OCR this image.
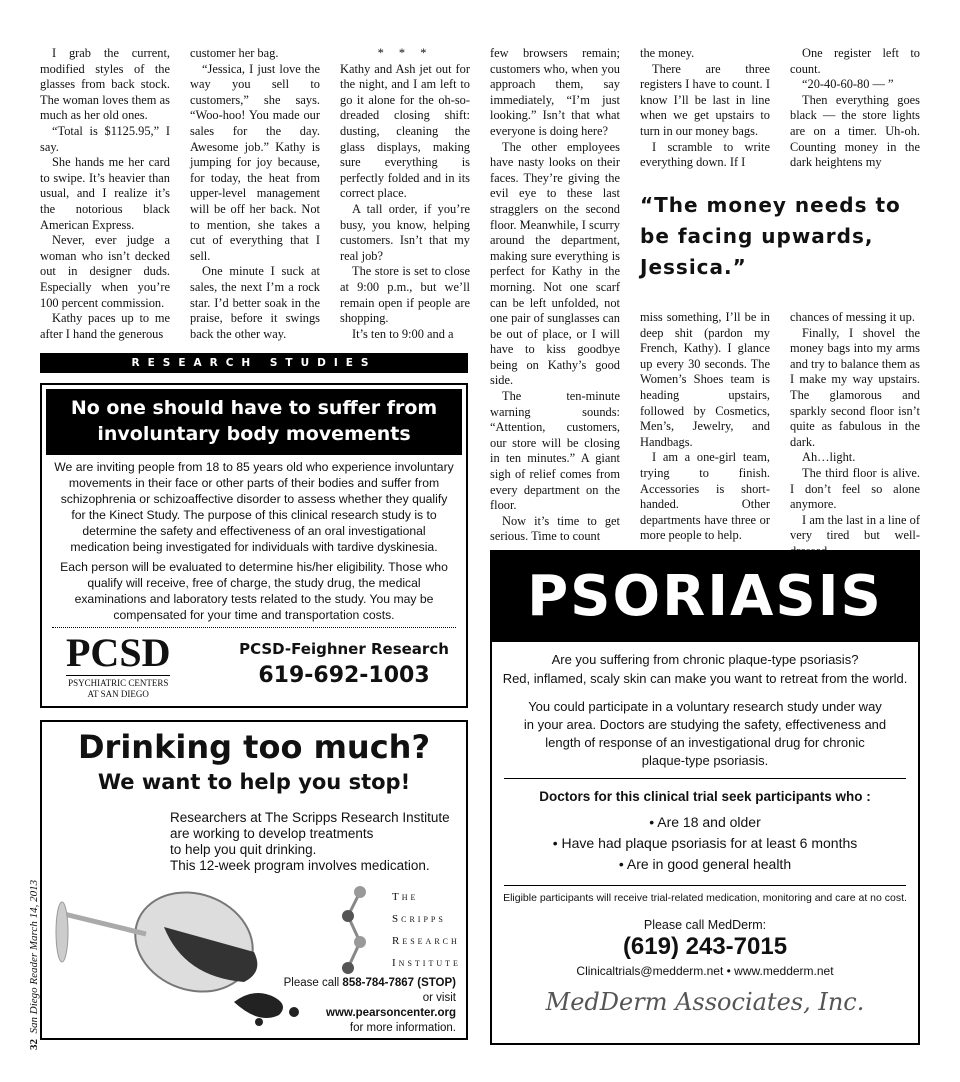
I grab the current, modified styles of the glasses from back stock. The woman loves them as much as her old ones.

“Total is $1125.95,” I say.

She hands me her card to swipe. It’s heavier than usual, and I realize it’s the notorious black American Express.

Never, ever judge a woman who isn’t decked out in designer duds. Especially when you’re 100 percent commission.

Kathy paces up to me after I hand the generous

customer her bag.

“Jessica, I just love the way you sell to customers,” she says. “Woo-hoo! You made our sales for the day. Awesome job.” Kathy is jumping for joy because, for today, the heat from upper-level management will be off her back. Not to mention, she takes a cut of everything that I sell.

One minute I suck at sales, the next I’m a rock star. I’d better soak in the praise, before it swings back the other way.

* * *

Kathy and Ash jet out for the night, and I am left to go it alone for the oh-so-dreaded closing shift: dusting, cleaning the glass displays, making sure everything is perfectly folded and in its correct place.

A tall order, if you’re busy, you know, helping customers. Isn’t that my real job?

The store is set to close at 9:00 p.m., but we’ll remain open if people are shopping.

It’s ten to 9:00 and a

few browsers remain; customers who, when you approach them, say immediately, “I’m just looking.” Isn’t that what everyone is doing here?

The other employees have nasty looks on their faces. They’re giving the evil eye to these last stragglers on the second floor. Meanwhile, I scurry around the department, making sure everything is perfect for Kathy in the morning. Not one scarf can be left unfolded, not one pair of sunglasses can be out of place, or I will have to kiss goodbye being on Kathy’s good side.

The ten-minute warning sounds: “Attention, customers, our store will be closing in ten minutes.” A giant sigh of relief comes from every department on the floor.

Now it’s time to get serious. Time to count

the money.

There are three registers I have to count. I know I’ll be last in line when we get upstairs to turn in our money bags.

I scramble to write everything down. If I

One register left to count.

“20-40-60-80 — ”

Then everything goes black — the store lights are on a timer. Uh-oh. Counting money in the dark heightens my

“The money needs to be facing upwards, Jessica.”

miss something, I’ll be in deep shit (pardon my French, Kathy). I glance up every 30 seconds. The Women’s Shoes team is heading upstairs, followed by Cosmetics, Men’s, Jewelry, and Handbags.

I am a one-girl team, trying to finish. Accessories is short-handed. Other departments have three or more people to help.

chances of messing it up.

Finally, I shovel the money bags into my arms and try to balance them as I make my way upstairs. The glamorous and sparkly second floor isn’t quite as fabulous in the dark.

Ah…light.

The third floor is alive. I don’t feel so alone anymore.

I am the last in a line of very tired but well-

RESEARCH STUDIES
No one should have to suffer from involuntary body movements

We are inviting people from 18 to 85 years old who experience involuntary movements in their face or other parts of their bodies and suffer from schizophrenia or schizoaffective disorder to assess whether they qualify for the Kinect Study. The purpose of this clinical research study is to determine the safety and effectiveness of an oral investigational medication being investigated for individuals with tardive dyskinesia.

Each person will be evaluated to determine his/her eligibility. Those who qualify will receive, free of charge, the study drug, the medical examinations and laboratory tests related to the study. You may be compensated for your time and transportation costs.

PCSD
PSYCHIATRIC CENTERS
AT SAN DIEGO
PCSD-Feighner Research
619-692-1003
Drinking too much?
We want to help you stop!
Researchers at The Scripps Research Institute
are working to develop treatments
to help you quit drinking.
This 12-week program involves medication.
The
Scripps
Research
Institute
Please call 858-784-7867 (STOP)
or visit
www.pearsoncenter.org
for more information.
PSORIASIS
Are you suffering from chronic plaque-type psoriasis?
Red, inflamed, scaly skin can make you want to retreat from the world.
You could participate in a voluntary research study under way in your area. Doctors are studying the safety, effectiveness and length of response of an investigational drug for chronic plaque-type psoriasis.
Doctors for this clinical trial seek participants who :
• Are 18 and older
• Have had plaque psoriasis for at least 6 months
• Are in good general health
Eligible participants will receive trial-related medication, monitoring and care at no cost.
Please call MedDerm:
(619) 243-7015
Clinicaltrials@medderm.net • www.medderm.net
MedDerm Associates, Inc.
32  San Diego Reader March 14, 2013
